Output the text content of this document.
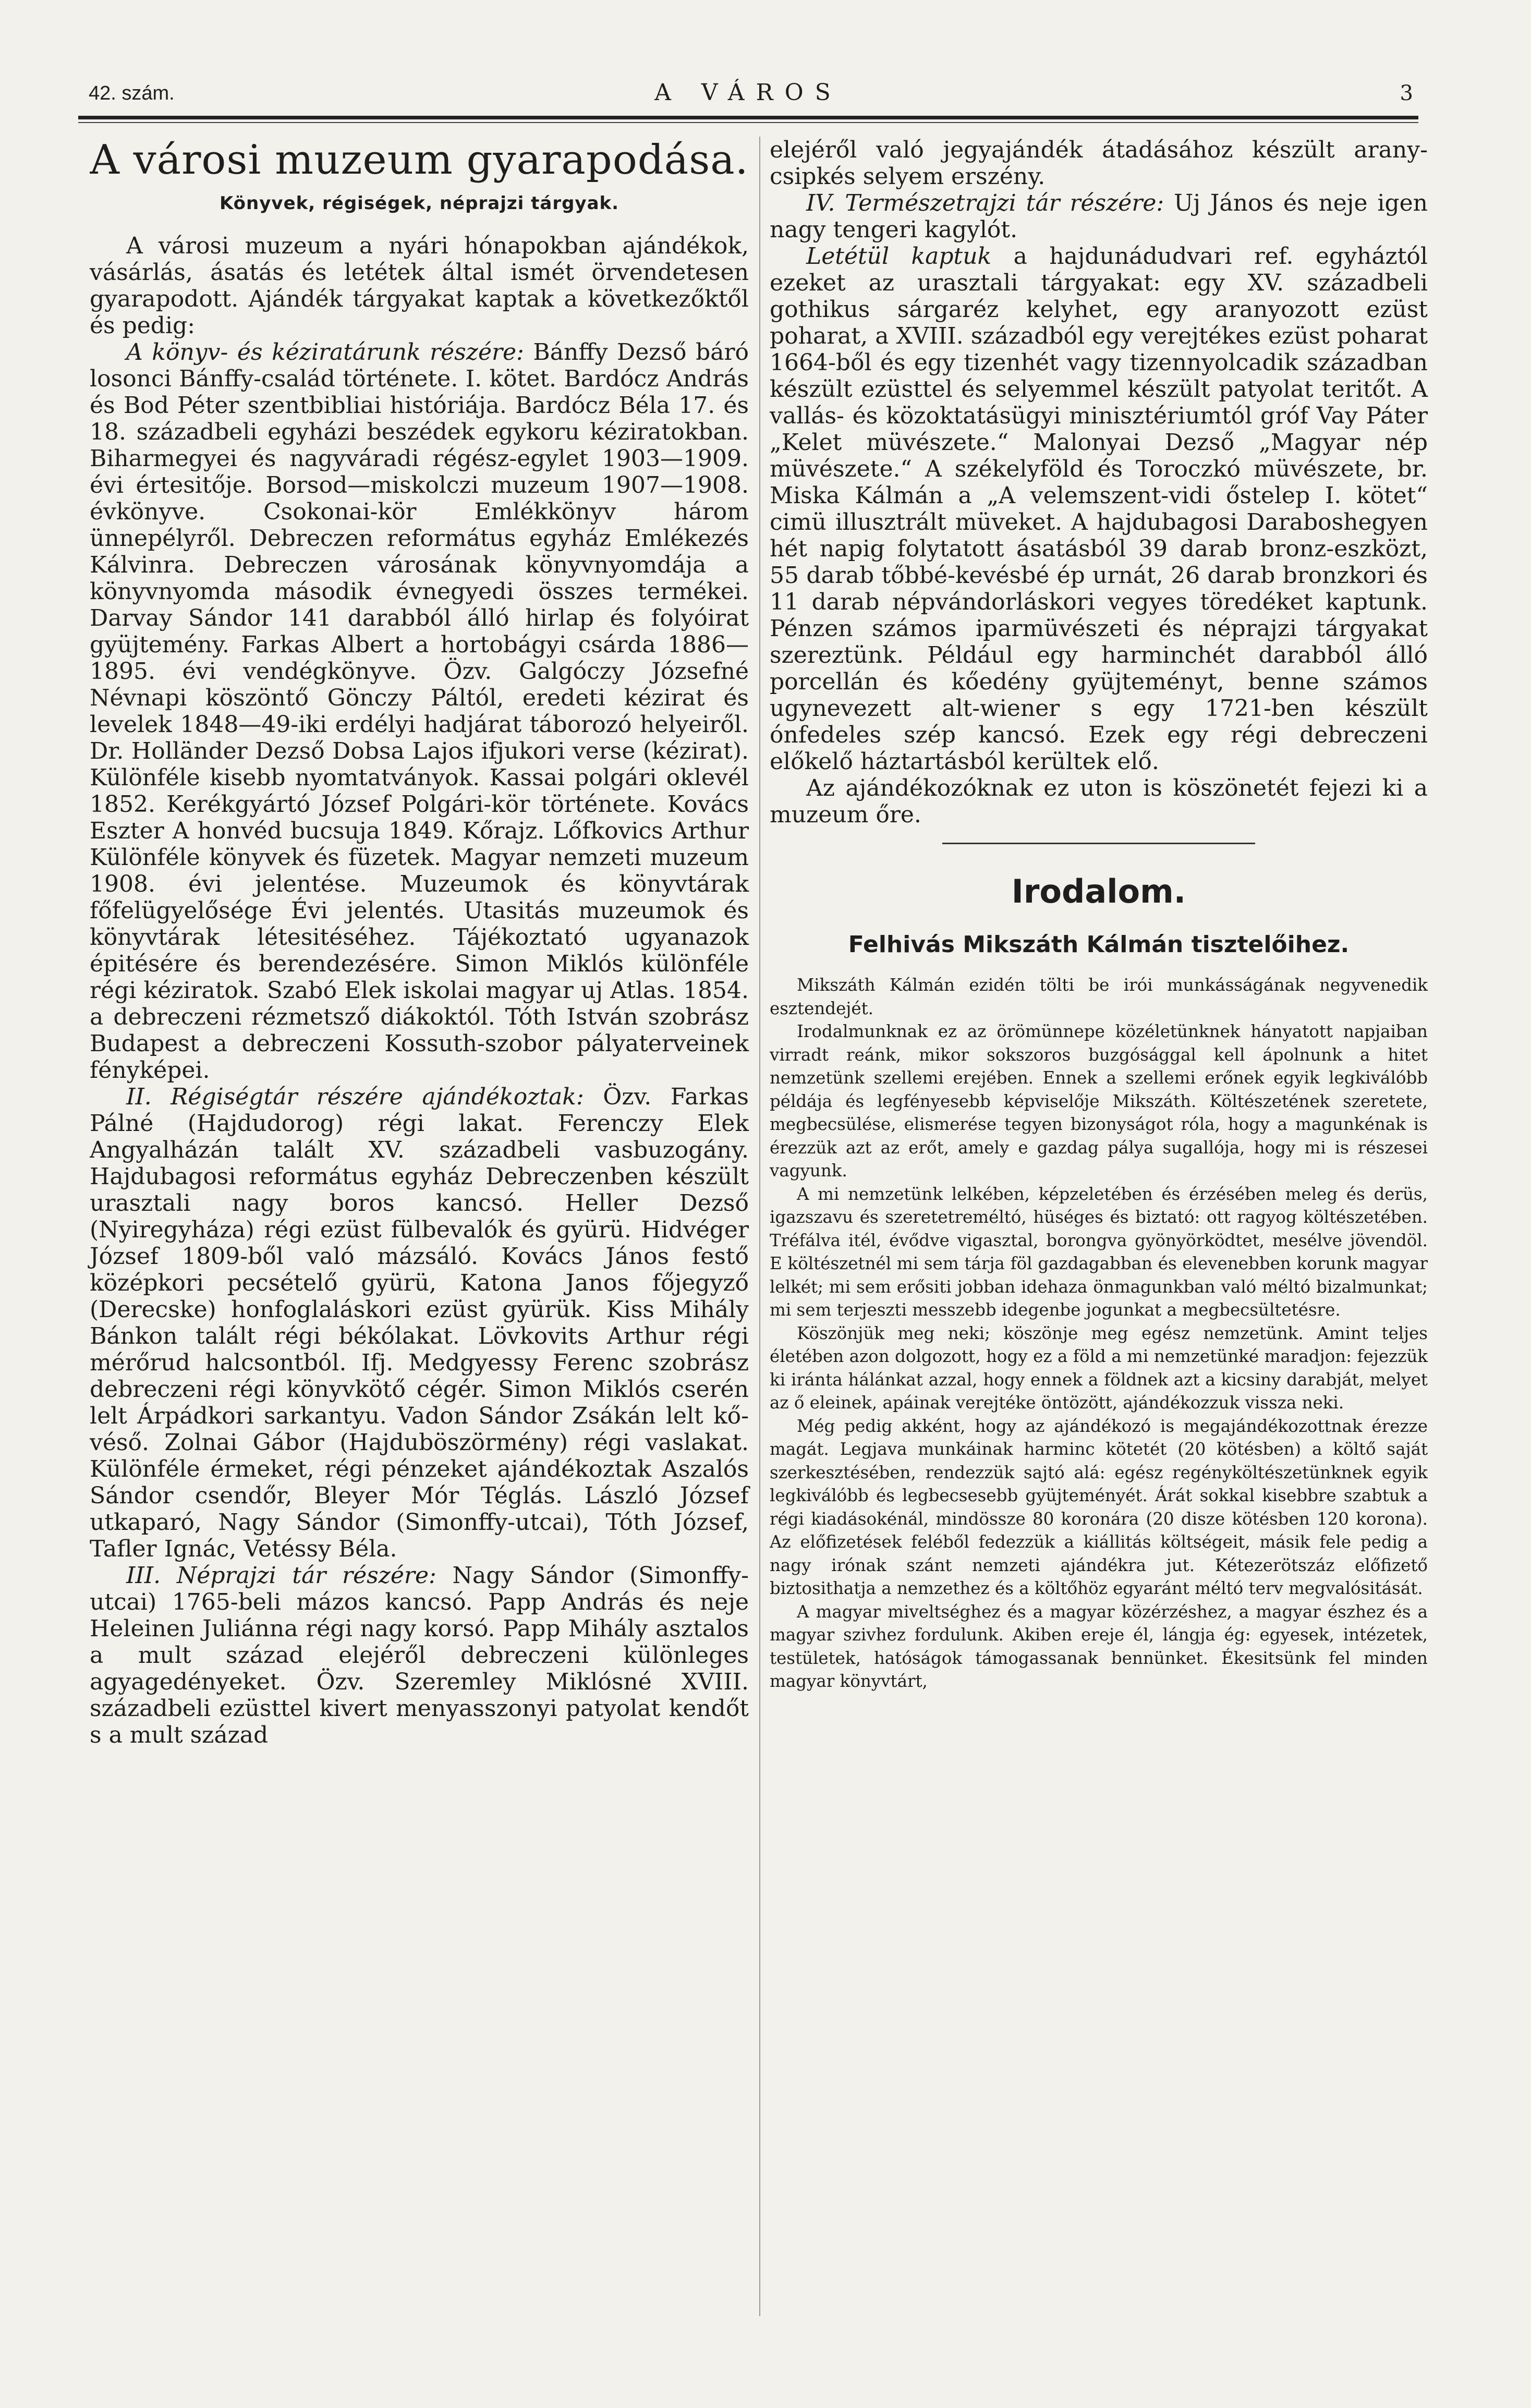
42. szám.	A VÁROS	3
A városi muzeum gyarapodása.
Könyvek, régiségek, néprajzi tárgyak.

A városi muzeum a nyári hónapokban ajándékok, vásárlás, ásatás és letétek által ismét örvendetesen gyarapodott. Ajándék tárgyakat kaptak a következőktől és pedig:

A könyv- és kéziratárunk részére: Bánffy Dezső báró losonci Bánffy-család története. I. kötet. Bardócz András és Bod Péter szentbibliai históriája. Bardócz Béla 17. és 18. századbeli egyházi beszédek egykoru kéziratokban. Biharmegyei és nagyváradi régész-egylet 1903—1909. évi értesitője. Borsod—miskolczi muzeum 1907—1908. évkönyve. Csokonai-kör Emlékkönyv három ünnepélyről. Debreczen református egyház Emlékezés Kálvinra. Debreczen városának könyvnyomdája a könyvnyomda második évnegyedi összes termékei. Darvay Sándor 141 darabból álló hirlap és folyóirat gyüjtemény. Farkas Albert a hortobágyi csárda 1886—1895. évi vendégkönyve. Özv. Galgóczy Józsefné Névnapi köszöntő Gönczy Páltól, eredeti kézirat és levelek 1848—49-iki erdélyi hadjárat táborozó helyeiről. Dr. Holländer Dezső Dobsa Lajos ifjukori verse (kézirat). Különféle kisebb nyomtatványok. Kassai polgári oklevél 1852. Kerékgyártó József Polgári-kör története. Kovács Eszter A honvéd bucsuja 1849. Kőrajz. Lőfkovics Arthur Különféle könyvek és füzetek. Magyar nemzeti muzeum 1908. évi jelentése. Muzeumok és könyvtárak főfelügyelősége Évi jelentés. Utasitás muzeumok és könyvtárak létesitéséhez. Tájékoztató ugyanazok épitésére és berendezésére. Simon Miklós különféle régi kéziratok. Szabó Elek iskolai magyar uj Atlas. 1854. a debreczeni rézmetsző diákoktól. Tóth István szobrász Budapest a debreczeni Kossuth-szobor pályaterveinek fényképei.

II. Régiségtár részére ajándékoztak: Özv. Farkas Pálné (Hajdudorog) régi lakat. Ferenczy Elek Angyalházán talált XV. századbeli vasbuzogány. Hajdubagosi református egyház Debreczenben készült urasztali nagy boros kancsó. Heller Dezső (Nyiregyháza) régi ezüst fülbevalók és gyürü. Hidvéger József 1809-ből való mázsáló. Kovács János festő középkori pecsételő gyürü, Katona Janos főjegyző (Derecske) honfoglaláskori ezüst gyürük. Kiss Mihály Bánkon talált régi békólakat. Lövkovits Arthur régi mérőrud halcsontból. Ifj. Medgyessy Ferenc szobrász debreczeni régi könyvkötő cégér. Simon Miklós cserén lelt Árpádkori sarkantyu. Vadon Sándor Zsákán lelt kővéső. Zolnai Gábor (Hajduböszörmény) régi vaslakat. Különféle érmeket, régi pénzeket ajándékoztak Aszalós Sándor csendőr, Bleyer Mór Téglás. László József utkaparó, Nagy Sándor (Simonffy-utcai), Tóth József, Tafler Ignác, Vetéssy Béla.

III. Néprajzi tár részére: Nagy Sándor (Simonffy-utcai) 1765-beli mázos kancsó. Papp András és neje Heleinen Juliánna régi nagy korsó. Papp Mihály asztalos a mult század elejéről debreczeni különleges agyagedényeket. Özv. Szeremley Miklósné XVIII. századbeli ezüsttel kivert menyasszonyi patyolat kendőt s a mult század

elejéről való jegyajándék átadásához készült aranycsipkés selyem erszény.

IV. Természetrajzi tár részére: Uj János és neje igen nagy tengeri kagylót.

Letétül kaptuk a hajdunádudvari ref. egyháztól ezeket az urasztali tárgyakat: egy XV. századbeli gothikus sárgaréz kelyhet, egy aranyozott ezüst poharat, a XVIII. századból egy verejtékes ezüst poharat 1664-ből és egy tizenhét vagy tizennyolcadik században készült ezüsttel és selyemmel készült patyolat teritőt. A vallás- és közoktatásügyi minisztériumtól gróf Vay Páter „Kelet müvészete.“ Malonyai Dezső „Magyar nép müvészete.“ A székelyföld és Toroczkó müvészete, br. Miska Kálmán a „A velemszent-vidi őstelep I. kötet“ cimü illusztrált müveket. A hajdubagosi Daraboshegyen hét napig folytatott ásatásból 39 darab bronz-eszközt, 55 darab tőbbé-kevésbé ép urnát, 26 darab bronzkori és 11 darab népvándorláskori vegyes töredéket kaptunk. Pénzen számos iparmüvészeti és néprajzi tárgyakat szereztünk. Például egy harminchét darabból álló porcellán és kőedény gyüjteményt, benne számos ugynevezett alt-wiener s egy 1721-ben készült ónfedeles szép kancsó. Ezek egy régi debreczeni előkelő háztartásból kerültek elő.

Az ajándékozóknak ez uton is köszönetét fejezi ki a muzeum őre.

Irodalom.
Felhivás Mikszáth Kálmán tisztelőihez.

Mikszáth Kálmán ezidén tölti be irói munkásságának negyvenedik esztendejét.

Irodalmunknak ez az örömünnepe közéletünknek hányatott napjaiban virradt reánk, mikor sokszoros buzgósággal kell ápolnunk a hitet nemzetünk szellemi erejében. Ennek a szellemi erőnek egyik legkiválóbb példája és legfényesebb képviselője Mikszáth. Költészetének szeretete, megbecsülése, elismerése tegyen bizonyságot róla, hogy a magunkénak is érezzük azt az erőt, amely e gazdag pálya sugallója, hogy mi is részesei vagyunk.

A mi nemzetünk lelkében, képzeletében és érzésében meleg és derüs, igazszavu és szeretetreméltó, hüséges és biztató: ott ragyog költészetében. Tréfálva itél, évődve vigasztal, borongva gyönyörködtet, mesélve jövendöl. E költészetnél mi sem tárja föl gazdagabban és elevenebben korunk magyar lelkét; mi sem erősiti jobban idehaza önmagunkban való méltó bizalmunkat; mi sem terjeszti messzebb idegenbe jogunkat a megbecsültetésre.

Köszönjük meg neki; köszönje meg egész nemzetünk. Amint teljes életében azon dolgozott, hogy ez a föld a mi nemzetünké maradjon: fejezzük ki iránta hálánkat azzal, hogy ennek a földnek azt a kicsiny darabját, melyet az ő eleinek, apáinak verejtéke öntözött, ajándékozzuk vissza neki.

Még pedig akként, hogy az ajándékozó is megajándékozottnak érezze magát. Legjava munkáinak harminc kötetét (20 kötésben) a költő saját szerkesztésében, rendezzük sajtó alá: egész regényköltészetünknek egyik legkiválóbb és legbecsesebb gyüjteményét. Árát sokkal kisebbre szabtuk a régi kiadásokénál, mindössze 80 koronára (20 disze kötésben 120 korona). Az előfizetések feléből fedezzük a kiállitás költségeit, másik fele pedig a nagy irónak szánt nemzeti ajándékra jut. Kétezerötszáz előfizető biztosithatja a nemzethez és a költőhöz egyaránt méltó terv megvalósitását.

A magyar miveltséghez és a magyar közérzéshez, a magyar észhez és a magyar szivhez fordulunk. Akiben ereje él, lángja ég: egyesek, intézetek, testületek, hatóságok támogassanak bennünket. Ékesitsünk fel minden magyar könyvtárt,
